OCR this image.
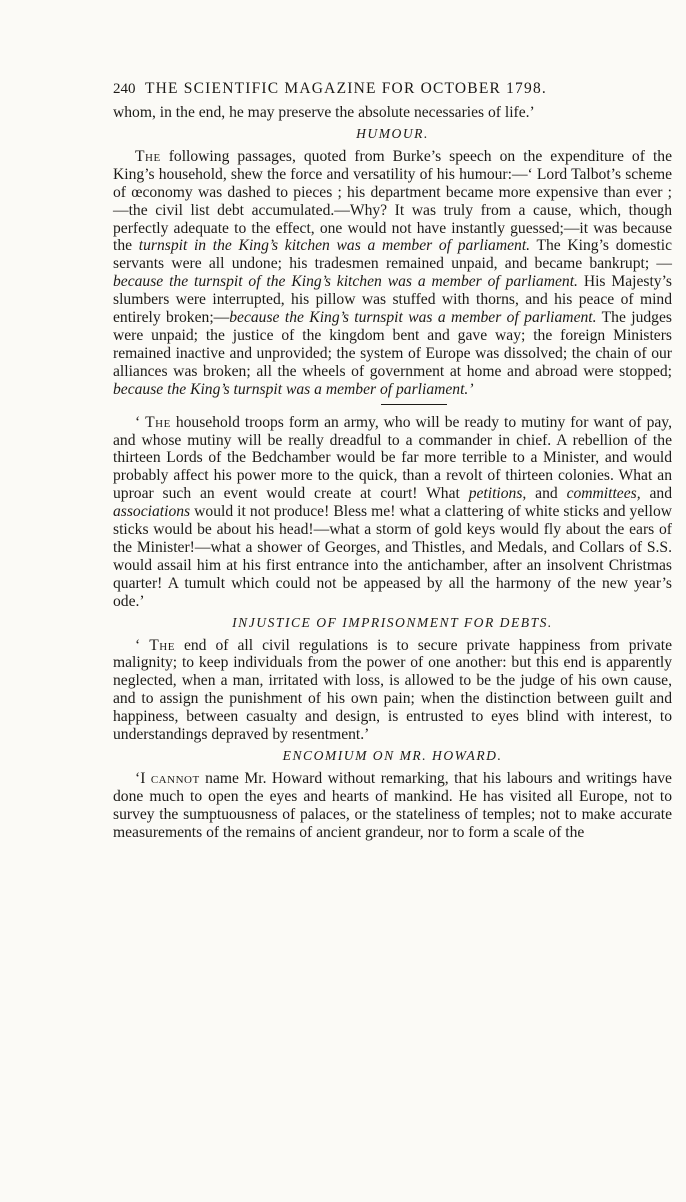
240 THE SCIENTIFIC MAGAZINE FOR OCTOBER 1798.

whom, in the end, he may preserve the absolute necessaries of life.’

HUMOUR.

The following passages, quoted from Burke’s speech on the expenditure of the King’s household, shew the force and versatility of his humour:—‘ Lord Talbot’s scheme of œconomy was dashed to pieces ; his department became more expensive than ever ; —the civil list debt accumulated.—Why? It was truly from a cause, which, though perfectly adequate to the effect, one would not have instantly guessed;—it was because the turnspit in the King’s kitchen was a member of parliament. The King’s domestic servants were all undone; his tradesmen remained unpaid, and became bankrupt; —because the turnspit of the King’s kitchen was a member of parliament. His Majesty’s slumbers were interrupted, his pillow was stuffed with thorns, and his peace of mind entirely broken;—because the King’s turnspit was a member of parliament. The judges were unpaid; the justice of the kingdom bent and gave way; the foreign Ministers remained inactive and unprovided; the system of Europe was dissolved; the chain of our alliances was broken; all the wheels of government at home and abroad were stopped; because the King’s turnspit was a member of parliament.’

‘ The household troops form an army, who will be ready to mutiny for want of pay, and whose mutiny will be really dreadful to a commander in chief. A rebellion of the thirteen Lords of the Bedchamber would be far more terrible to a Minister, and would probably affect his power more to the quick, than a revolt of thirteen colonies. What an uproar such an event would create at court! What petitions, and committees, and associations would it not produce! Bless me! what a clattering of white sticks and yellow sticks would be about his head!—what a storm of gold keys would fly about the ears of the Minister!—what a shower of Georges, and Thistles, and Medals, and Collars of S.S. would assail him at his first entrance into the antichamber, after an insolvent Christmas quarter! A tumult which could not be appeased by all the harmony of the new year’s ode.’

INJUSTICE OF IMPRISONMENT FOR DEBTS.

‘ The end of all civil regulations is to secure private happiness from private malignity; to keep individuals from the power of one another: but this end is apparently neglected, when a man, irritated with loss, is allowed to be the judge of his own cause, and to assign the punishment of his own pain; when the distinction between guilt and happiness, between casualty and design, is entrusted to eyes blind with interest, to understandings depraved by resentment.’

ENCOMIUM ON MR. HOWARD.

‘I cannot name Mr. Howard without remarking, that his labours and writings have done much to open the eyes and hearts of mankind. He has visited all Europe, not to survey the sumptuousness of palaces, or the stateliness of temples; not to make accurate measurements of the remains of ancient grandeur, nor to form a scale of the
